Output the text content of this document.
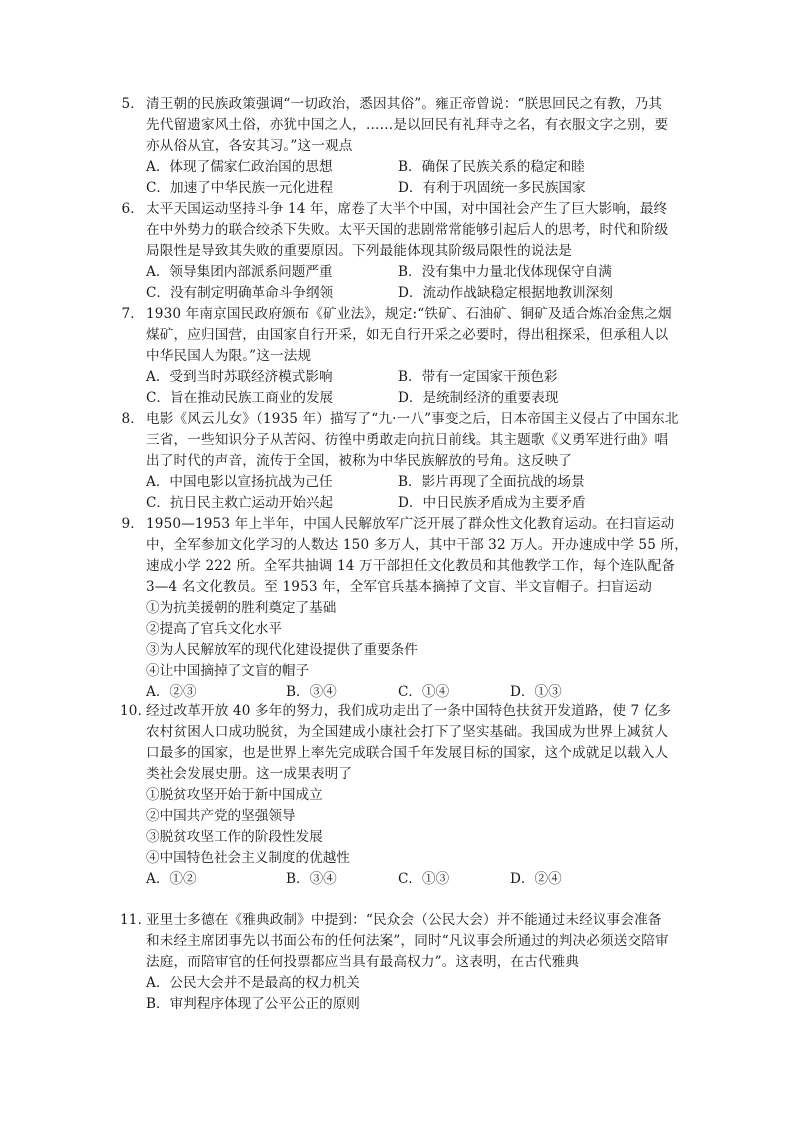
5． 清王朝的民族政策强调“一切政治，悉因其俗”。雍正帝曾说：“朕思回民之有教，乃其
先代留遗家风土俗，亦犹中国之人，……是以回民有礼拜寺之名，有衣服文字之别，要
亦从俗从宜，各安其习。”这一观点
A．体现了儒家仁政治国的思想	B．确保了民族关系的稳定和睦
C．加速了中华民族一元化进程	D．有利于巩固统一多民族国家
6． 太平天国运动坚持斗争 14 年，席卷了大半个中国，对中国社会产生了巨大影响，最终
在中外势力的联合绞杀下失败。太平天国的悲剧常常能够引起后人的思考，时代和阶级
局限性是导致其失败的重要原因。下列最能体现其阶级局限性的说法是
A．领导集团内部派系问题严重	B．没有集中力量北伐体现保守自满
C．没有制定明确革命斗争纲领	D．流动作战缺稳定根据地教训深刻
7． 1930 年南京国民政府颁布《矿业法》，规定:“铁矿、石油矿、铜矿及适合炼冶金焦之烟
煤矿，应归国营，由国家自行开采，如无自行开采之必要时，得出租探采，但承租人以
中华民国人为限。”这一法规
A．受到当时苏联经济模式影响	B．带有一定国家干预色彩
C．旨在推动民族工商业的发展	D．是统制经济的重要表现
8． 电影《风云儿女》（1935 年）描写了“九·一八”事变之后，日本帝国主义侵占了中国东北
三省，一些知识分子从苦闷、彷徨中勇敢走向抗日前线。其主题歌《义勇军进行曲》唱
出了时代的声音，流传于全国，被称为中华民族解放的号角。这反映了
A．中国电影以宣扬抗战为己任	B．影片再现了全面抗战的场景
C．抗日民主救亡运动开始兴起	D．中日民族矛盾成为主要矛盾
9． 1950—1953 年上半年，中国人民解放军广泛开展了群众性文化教育运动。在扫盲运动
中，全军参加文化学习的人数达 150 多万人，其中干部 32 万人。开办速成中学 55 所，
速成小学 222 所。全军共抽调 14 万干部担任文化教员和其他教学工作，每个连队配备
3—4 名文化教员。至 1953 年，全军官兵基本摘掉了文盲、半文盲帽子。扫盲运动
①为抗美援朝的胜利奠定了基础
②提高了官兵文化水平
③为人民解放军的现代化建设提供了重要条件
④让中国摘掉了文盲的帽子
A．②③	B．③④	C．①④	D．①③
10．经过改革开放 40 多年的努力，我们成功走出了一条中国特色扶贫开发道路，使 7 亿多
农村贫困人口成功脱贫，为全国建成小康社会打下了坚实基础。我国成为世界上减贫人
口最多的国家，也是世界上率先完成联合国千年发展目标的国家，这个成就足以载入人
类社会发展史册。这一成果表明了
①脱贫攻坚开始于新中国成立
②中国共产党的坚强领导
③脱贫攻坚工作的阶段性发展
④中国特色社会主义制度的优越性
A．①②	B．③④	C．①③	D．②④
11．亚里士多德在《雅典政制》中提到：“民众会（公民大会）并不能通过未经议事会准备
和未经主席团事先以书面公布的任何法案”，同时“凡议事会所通过的判决必须送交陪审
法庭，而陪审官的任何投票都应当具有最高权力”。这表明，在古代雅典
A．公民大会并不是最高的权力机关
B．审判程序体现了公平公正的原则
